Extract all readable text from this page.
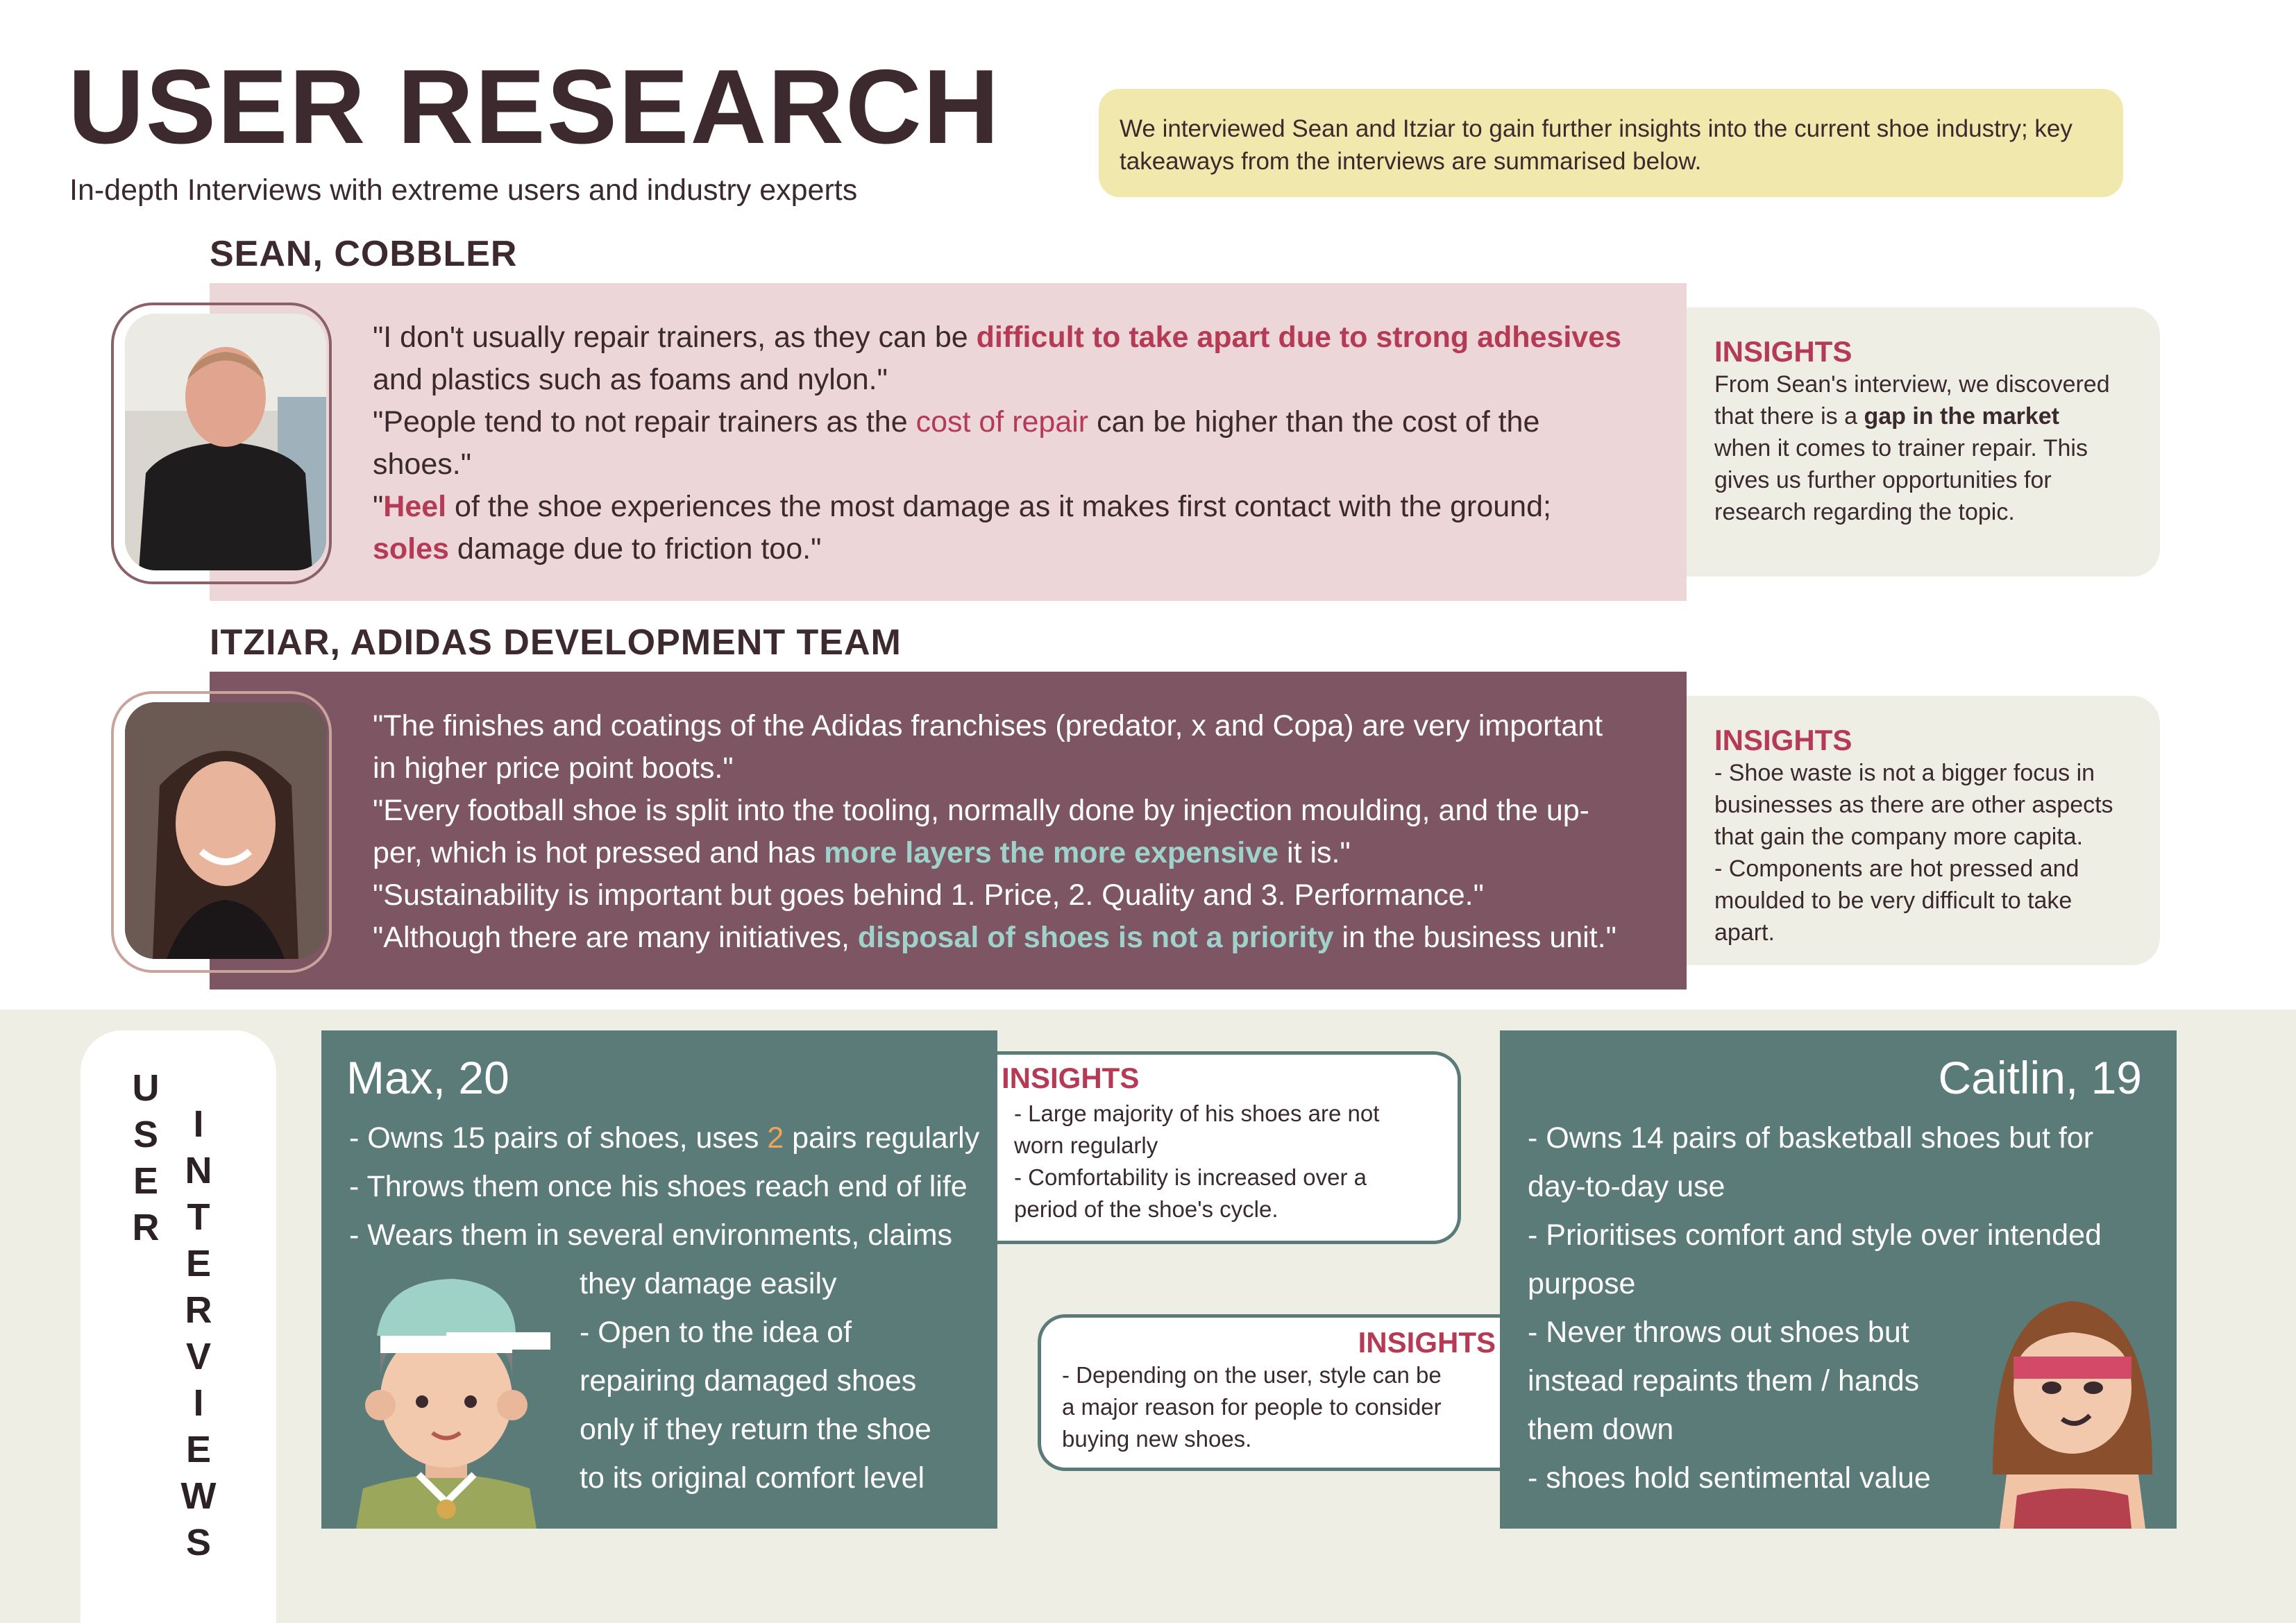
USER RESEARCH
In-depth Interviews with extreme users and industry experts
We interviewed Sean and Itziar to gain further insights into the current shoe industry; key
takeaways from the interviews are summarised below.
SEAN, COBBLER
"I don't usually repair trainers, as they can be difficult to take apart due to strong adhesives
and plastics such as foams and nylon."
"People tend to not repair trainers as the cost of repair can be higher than the cost of the
shoes."
"Heel of the shoe experiences the most damage as it makes first contact with the ground;
soles damage due to friction too."
INSIGHTS
From Sean's interview, we discovered
that there is a gap in the market
when it comes to trainer repair. This
gives us further opportunities for
research regarding the topic.
ITZIAR, ADIDAS DEVELOPMENT TEAM
"The finishes and coatings of the Adidas franchises (predator, x and Copa) are very important
in higher price point boots."
"Every football shoe is split into the tooling, normally done by injection moulding, and the up-
per, which is hot pressed and has more layers the more expensive it is."
"Sustainability is important but goes behind 1. Price, 2. Quality and 3. Performance."
"Although there are many initiatives, disposal of shoes is not a priority in the business unit."
INSIGHTS
- Shoe waste is not a bigger focus in
businesses as there are other aspects
that gain the company more capita.
- Components are hot pressed and
moulded to be very difficult to take
apart.
U
S
E
R
I
N
T
E
R
V
I
E
W
S
Max, 20
- Owns 15 pairs of shoes, uses 2 pairs regularly
- Throws them once his shoes reach end of life
- Wears them in several environments, claims
they damage easily
- Open to the idea of
repairing damaged shoes
only if they return the shoe
to its original comfort level
INSIGHTS
- Large majority of his shoes are not
worn regularly
- Comfortability is increased over a
period of the shoe's cycle.
INSIGHTS
- Depending on the user, style can be
a major reason for people to consider
buying new shoes.
Caitlin, 19
- Owns 14 pairs of basketball shoes but for
day-to-day use
- Prioritises comfort and style over intended
purpose
- Never throws out shoes but
instead repaints them / hands
them down
- shoes hold sentimental value
